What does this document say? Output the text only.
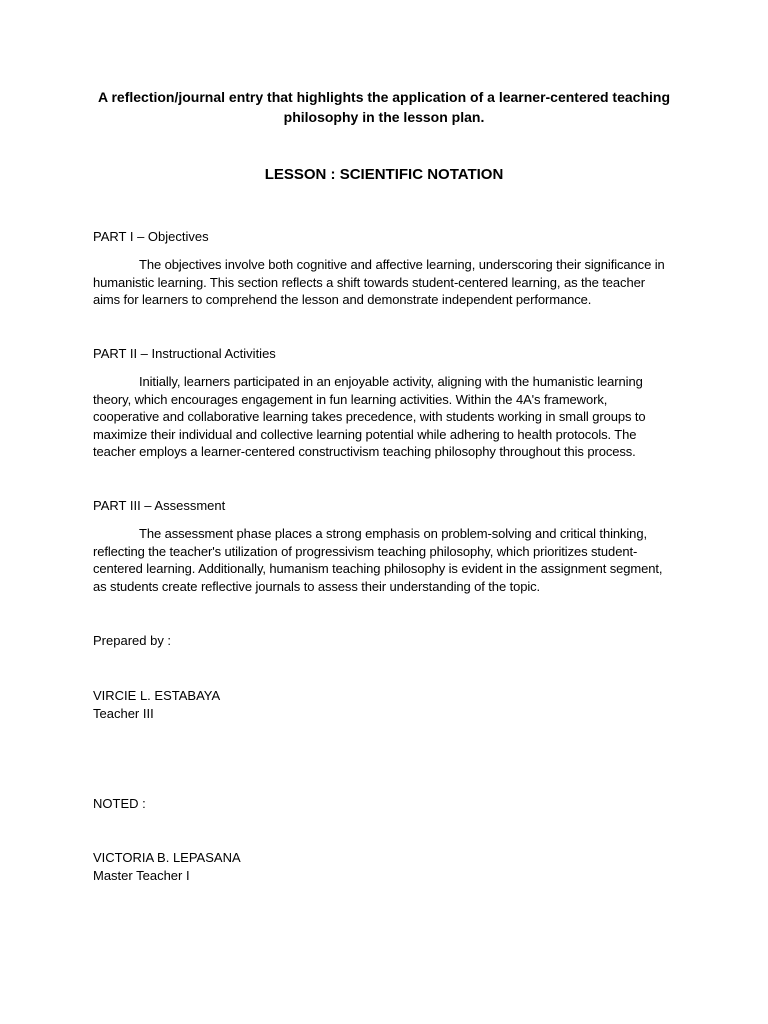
A reflection/journal entry that highlights the application of a learner-centered teaching philosophy in the lesson plan.

LESSON : SCIENTIFIC NOTATION

PART I – Objectives

The objectives involve both cognitive and affective learning, underscoring their significance in humanistic learning. This section reflects a shift towards student-centered learning, as the teacher aims for learners to comprehend the lesson and demonstrate independent performance.

PART II – Instructional Activities

Initially, learners participated in an enjoyable activity, aligning with the humanistic learning theory, which encourages engagement in fun learning activities. Within the 4A's framework, cooperative and collaborative learning takes precedence, with students working in small groups to maximize their individual and collective learning potential while adhering to health protocols. The teacher employs a learner-centered constructivism teaching philosophy throughout this process.

PART III – Assessment

The assessment phase places a strong emphasis on problem-solving and critical thinking, reflecting the teacher's utilization of progressivism teaching philosophy, which prioritizes student-centered learning. Additionally, humanism teaching philosophy is evident in the assignment segment, as students create reflective journals to assess their understanding of the topic.

Prepared by :

VIRCIE L. ESTABAYA

Teacher III

NOTED :

VICTORIA B. LEPASANA

Master Teacher I
